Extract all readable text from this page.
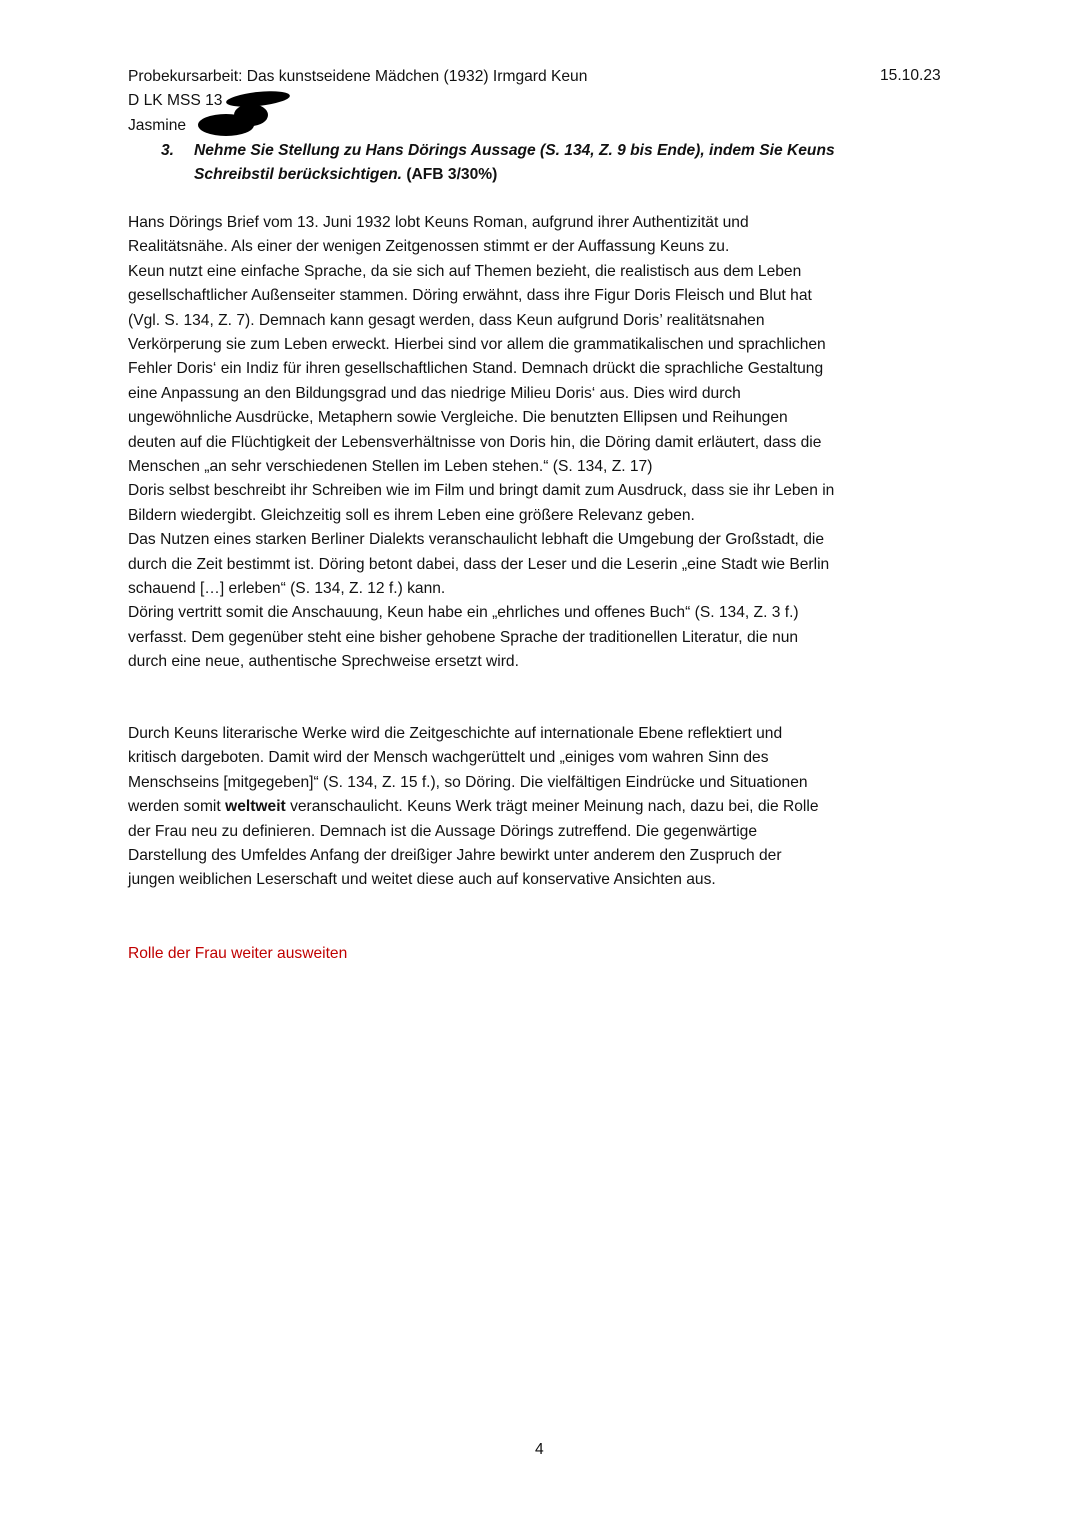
Probekursarbeit: Das kunstseidene Mädchen (1932) Irmgard Keun	15.10.23
D LK MSS 13
Jasmine
3. Nehme Sie Stellung zu Hans Dörings Aussage (S. 134, Z. 9 bis Ende), indem Sie Keuns
Schreibstil berücksichtigen. (AFB 3/30%)
Hans Dörings Brief vom 13. Juni 1932 lobt Keuns Roman, aufgrund ihrer Authentizität und
Realitätsnähe. Als einer der wenigen Zeitgenossen stimmt er der Auffassung Keuns zu.
Keun nutzt eine einfache Sprache, da sie sich auf Themen bezieht, die realistisch aus dem Leben
gesellschaftlicher Außenseiter stammen. Döring erwähnt, dass ihre Figur Doris Fleisch und Blut hat
(Vgl. S. 134, Z. 7). Demnach kann gesagt werden, dass Keun aufgrund Doris’ realitätsnahen
Verkörperung sie zum Leben erweckt. Hierbei sind vor allem die grammatikalischen und sprachlichen
Fehler Doris‘ ein Indiz für ihren gesellschaftlichen Stand. Demnach drückt die sprachliche Gestaltung
eine Anpassung an den Bildungsgrad und das niedrige Milieu Doris‘ aus. Dies wird durch
ungewöhnliche Ausdrücke, Metaphern sowie Vergleiche. Die benutzten Ellipsen und Reihungen
deuten auf die Flüchtigkeit der Lebensverhältnisse von Doris hin, die Döring damit erläutert, dass die
Menschen „an sehr verschiedenen Stellen im Leben stehen.“ (S. 134, Z. 17)
Doris selbst beschreibt ihr Schreiben wie im Film und bringt damit zum Ausdruck, dass sie ihr Leben in
Bildern wiedergibt. Gleichzeitig soll es ihrem Leben eine größere Relevanz geben.
Das Nutzen eines starken Berliner Dialekts veranschaulicht lebhaft die Umgebung der Großstadt, die
durch die Zeit bestimmt ist. Döring betont dabei, dass der Leser und die Leserin „eine Stadt wie Berlin
schauend […] erleben“ (S. 134, Z. 12 f.) kann.
Döring vertritt somit die Anschauung, Keun habe ein „ehrliches und offenes Buch“ (S. 134, Z. 3 f.)
verfasst. Dem gegenüber steht eine bisher gehobene Sprache der traditionellen Literatur, die nun
durch eine neue, authentische Sprechweise ersetzt wird.
Durch Keuns literarische Werke wird die Zeitgeschichte auf internationale Ebene reflektiert und
kritisch dargeboten. Damit wird der Mensch wachgerüttelt und „einiges vom wahren Sinn des
Menschseins [mitgegeben]“ (S. 134, Z. 15 f.), so Döring. Die vielfältigen Eindrücke und Situationen
werden somit weltweit veranschaulicht. Keuns Werk trägt meiner Meinung nach, dazu bei, die Rolle
der Frau neu zu definieren. Demnach ist die Aussage Dörings zutreffend. Die gegenwärtige
Darstellung des Umfeldes Anfang der dreißiger Jahre bewirkt unter anderem den Zuspruch der
jungen weiblichen Leserschaft und weitet diese auch auf konservative Ansichten aus.
Rolle der Frau weiter ausweiten
4
